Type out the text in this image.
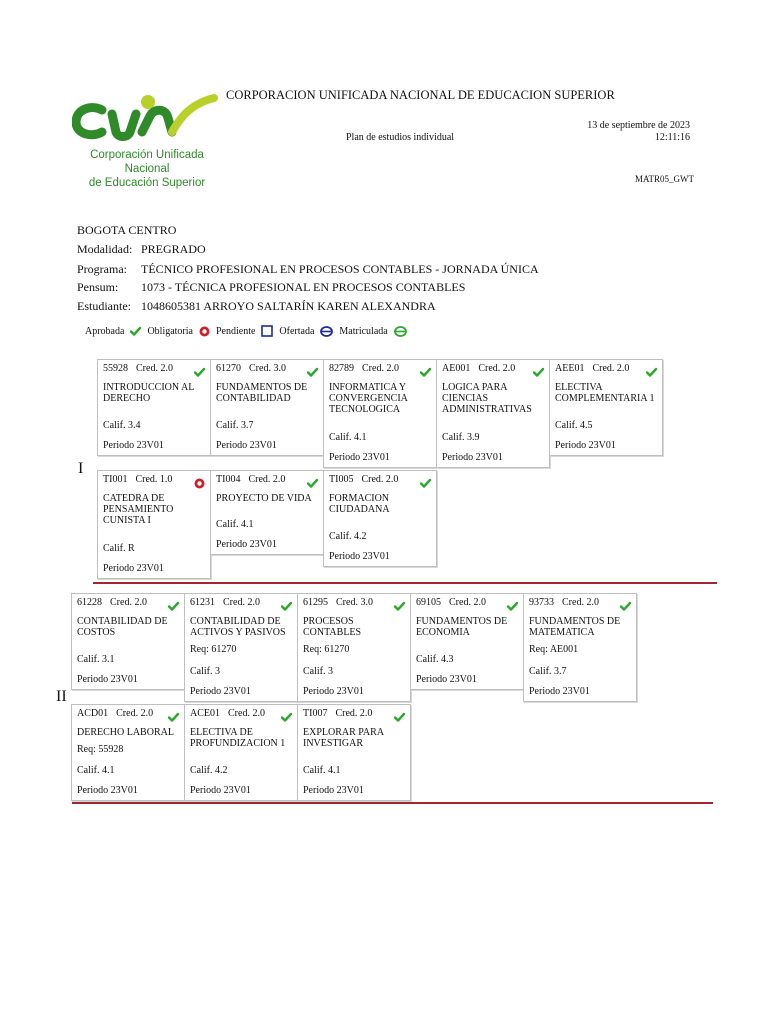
Corporación Unificada Nacional
de Educación Superior
CORPORACION UNIFICADA NACIONAL DE EDUCACION SUPERIOR
Plan de estudios individual
13 de septiembre de 2023
12:11:16
MATR05_GWT
BOGOTA CENTRO
Modalidad: PREGRADO
Programa: TÉCNICO PROFESIONAL EN PROCESOS CONTABLES - JORNADA ÚNICA
Pensum: 1073 - TÉCNICA PROFESIONAL EN PROCESOS CONTABLES
Estudiante: 1048605381 ARROYO SALTARÍN KAREN ALEXANDRA
Aprobada Obligatoria Pendiente Ofertada	Matriculada
I
II
55928 Cred. 2.0
INTRODUCCION AL DERECHO
Calif. 3.4
Periodo 23V01
61270 Cred. 3.0
FUNDAMENTOS DE CONTABILIDAD
Calif. 3.7
Periodo 23V01
82789 Cred. 2.0
INFORMATICA Y CONVERGENCIA TECNOLOGICA
Calif. 4.1
Periodo 23V01
AE001 Cred. 2.0
LOGICA PARA CIENCIAS ADMINISTRATIVAS
Calif. 3.9
Periodo 23V01
AEE01 Cred. 2.0
ELECTIVA COMPLEMENTARIA 1
Calif. 4.5
Periodo 23V01
TI001 Cred. 1.0
CATEDRA DE PENSAMIENTO CUNISTA I
Calif. R
Periodo 23V01
TI004 Cred. 2.0
PROYECTO DE VIDA
Calif. 4.1
Periodo 23V01
TI005 Cred. 2.0
FORMACION CIUDADANA
Calif. 4.2
Periodo 23V01
61228 Cred. 2.0
CONTABILIDAD DE COSTOS
Calif. 3.1
Periodo 23V01
61231 Cred. 2.0
CONTABILIDAD DE ACTIVOS Y PASIVOS
Req: 61270
Calif. 3
Periodo 23V01
61295 Cred. 3.0
PROCESOS CONTABLES
Req: 61270
Calif. 3
Periodo 23V01
69105 Cred. 2.0
FUNDAMENTOS DE ECONOMIA
Calif. 4.3
Periodo 23V01
93733 Cred. 2.0
FUNDAMENTOS DE MATEMATICA
Req: AE001
Calif. 3.7
Periodo 23V01
ACD01 Cred. 2.0
DERECHO LABORAL
Req: 55928
Calif. 4.1
Periodo 23V01
ACE01 Cred. 2.0
ELECTIVA DE PROFUNDIZACION 1
Calif. 4.2
Periodo 23V01
TI007 Cred. 2.0
EXPLORAR PARA INVESTIGAR
Calif. 4.1
Periodo 23V01
